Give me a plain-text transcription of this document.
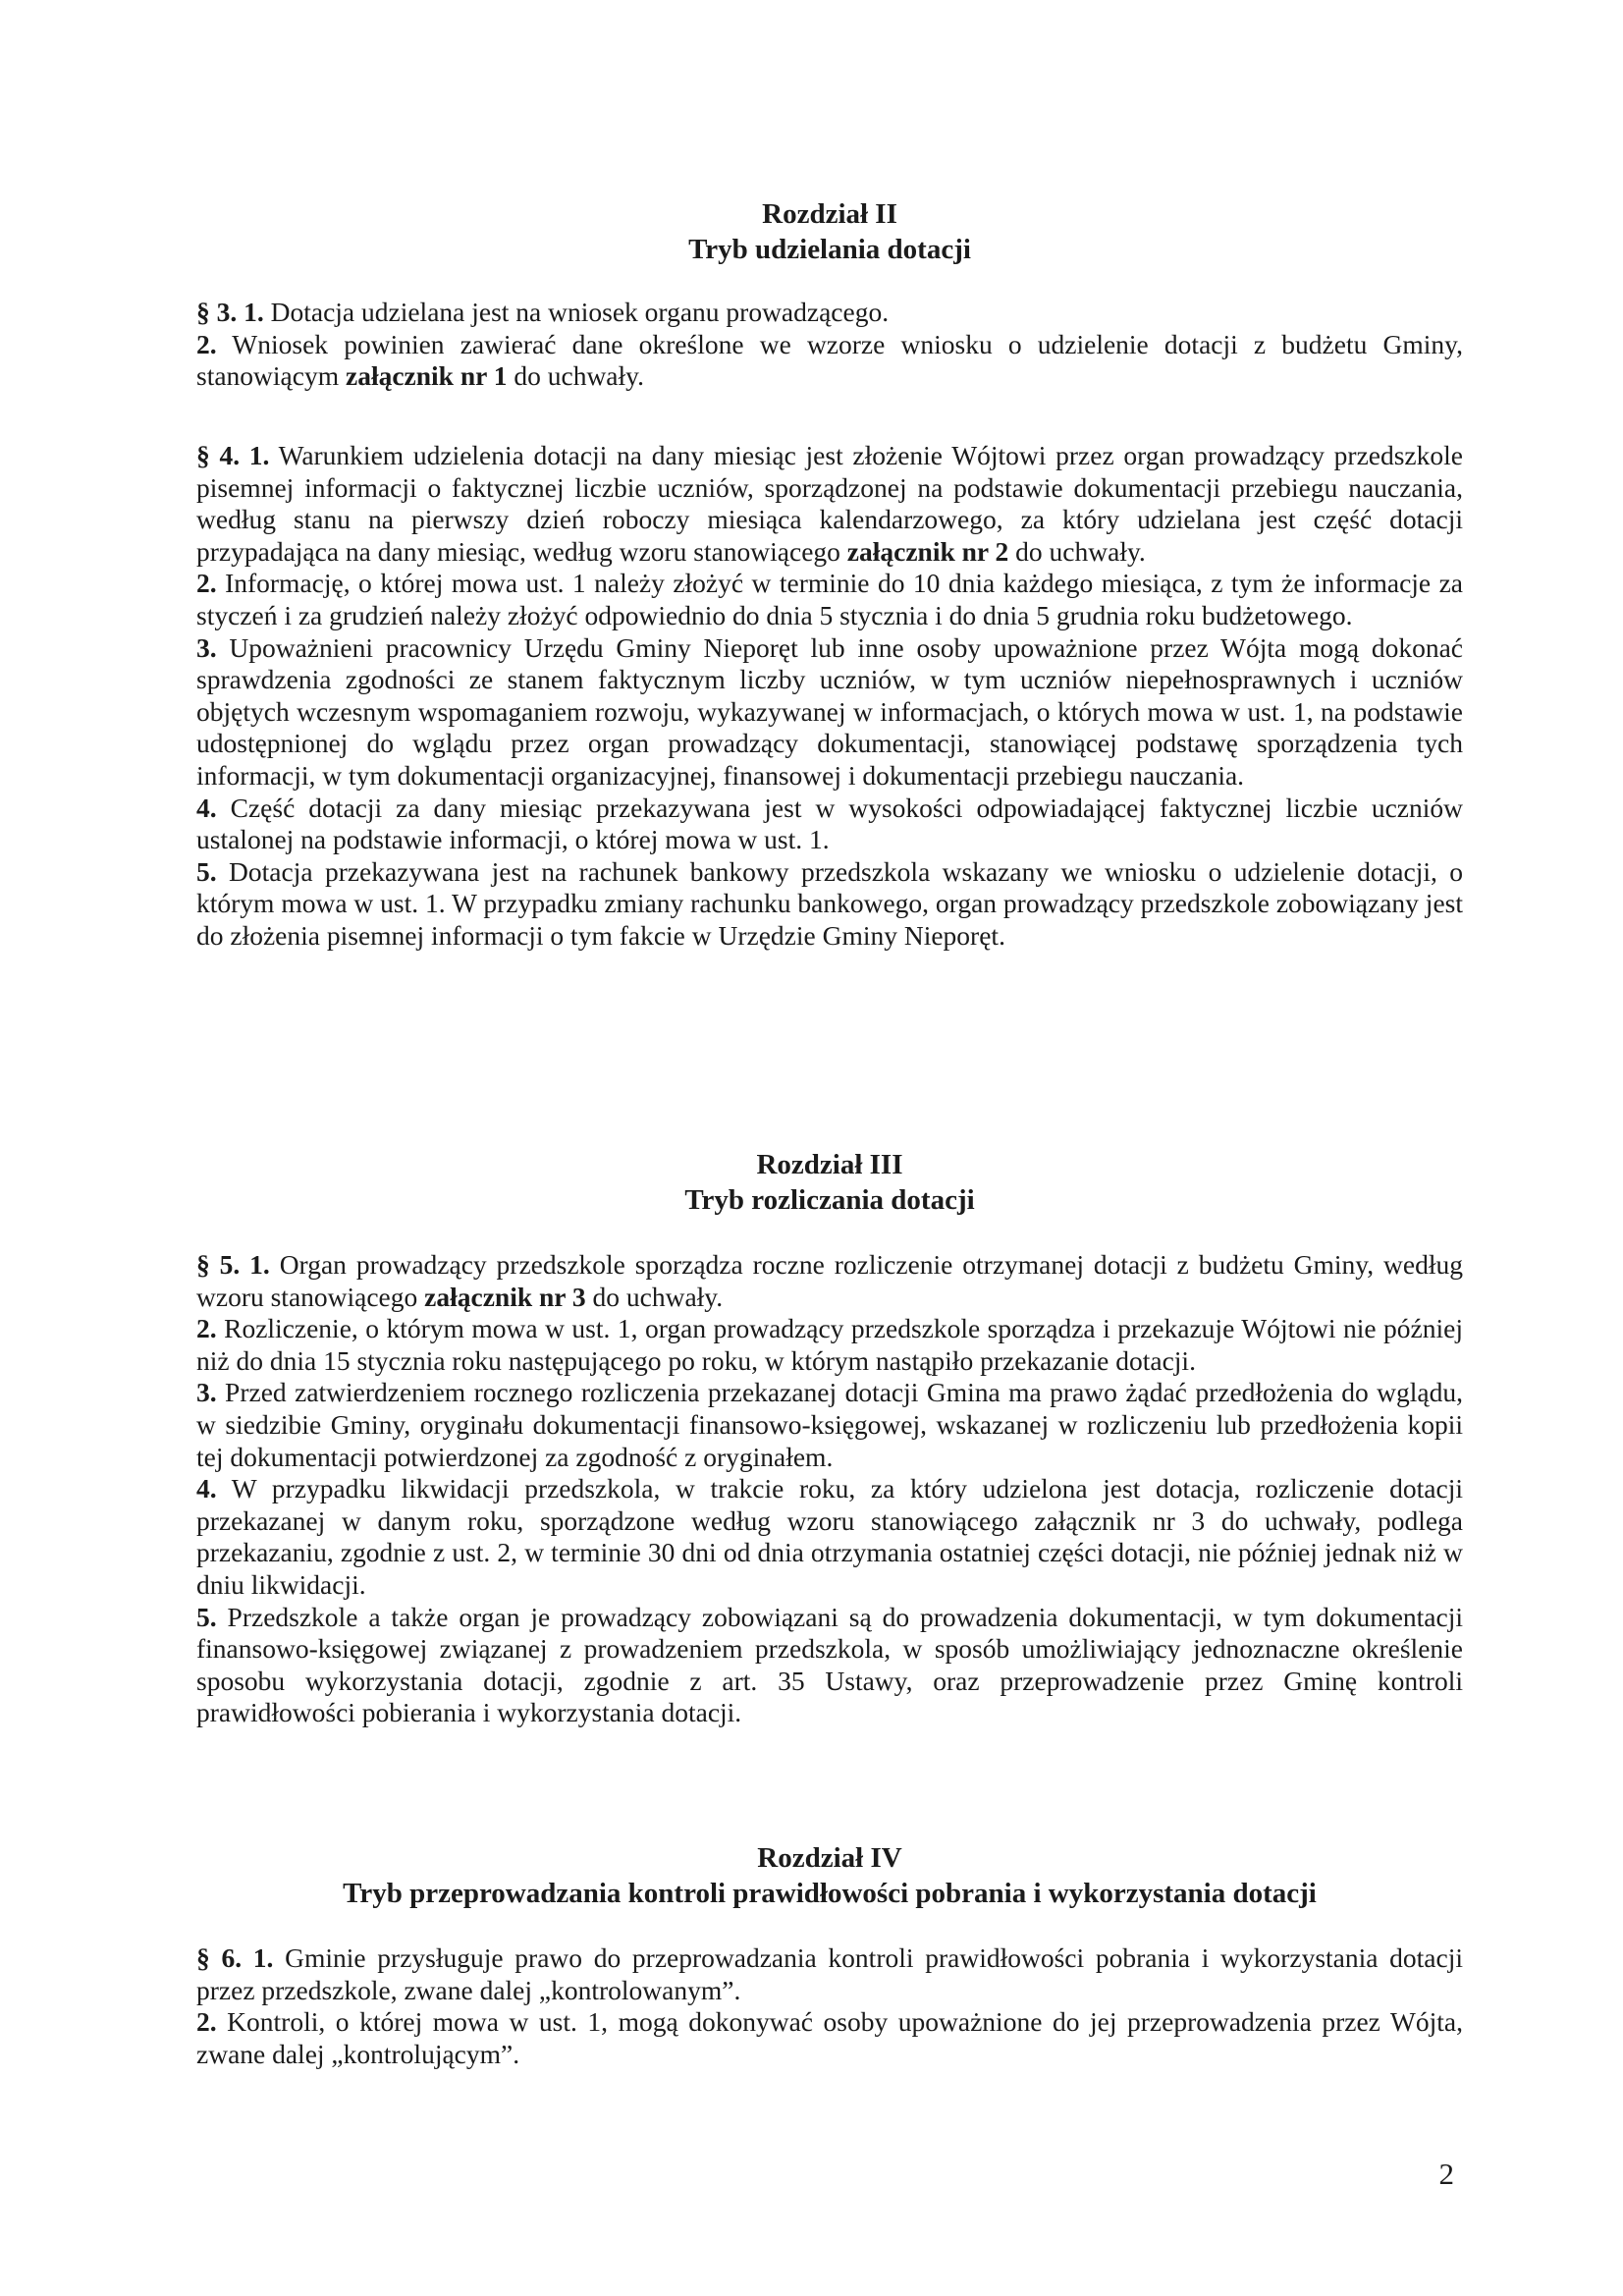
Rozdział II
Tryb udzielania dotacji

§ 3. 1. Dotacja udzielana jest na wniosek organu prowadzącego.

2. Wniosek powinien zawierać dane określone we wzorze wniosku o udzielenie dotacji z budżetu Gminy, stanowiącym załącznik nr 1 do uchwały.

§ 4. 1. Warunkiem udzielenia dotacji na dany miesiąc jest złożenie Wójtowi przez organ prowadzący przedszkole pisemnej informacji o faktycznej liczbie uczniów, sporządzonej na podstawie dokumentacji przebiegu nauczania, według stanu na pierwszy dzień roboczy miesiąca kalendarzowego, za który udzielana jest część dotacji przypadająca na dany miesiąc, według wzoru stanowiącego załącznik nr 2 do uchwały.

2. Informację, o której mowa ust. 1 należy złożyć w terminie do 10 dnia każdego miesiąca, z tym że informacje za styczeń i za grudzień należy złożyć odpowiednio do dnia 5 stycznia i do dnia 5 grudnia roku budżetowego.

3. Upoważnieni pracownicy Urzędu Gminy Nieporęt lub inne osoby upoważnione przez Wójta mogą dokonać sprawdzenia zgodności ze stanem faktycznym liczby uczniów, w tym uczniów niepełnosprawnych i uczniów objętych wczesnym wspomaganiem rozwoju, wykazywanej w informacjach, o których mowa w ust. 1, na podstawie udostępnionej do wglądu przez organ prowadzący dokumentacji, stanowiącej podstawę sporządzenia tych informacji, w tym dokumentacji organizacyjnej, finansowej i dokumentacji przebiegu nauczania.

4. Część dotacji za dany miesiąc przekazywana jest w wysokości odpowiadającej faktycznej liczbie uczniów ustalonej na podstawie informacji, o której mowa w ust. 1.

5. Dotacja przekazywana jest na rachunek bankowy przedszkola wskazany we wniosku o udzielenie dotacji, o którym mowa w ust. 1. W przypadku zmiany rachunku bankowego, organ prowadzący przedszkole zobowiązany jest do złożenia pisemnej informacji o tym fakcie w Urzędzie Gminy Nieporęt.

Rozdział III
Tryb rozliczania dotacji

§ 5. 1. Organ prowadzący przedszkole sporządza roczne rozliczenie otrzymanej dotacji z budżetu Gminy, według wzoru stanowiącego załącznik nr 3 do uchwały.

2. Rozliczenie, o którym mowa w ust. 1, organ prowadzący przedszkole sporządza i przekazuje Wójtowi nie później niż do dnia 15 stycznia roku następującego po roku, w którym nastąpiło przekazanie dotacji.

3. Przed zatwierdzeniem rocznego rozliczenia przekazanej dotacji Gmina ma prawo żądać przedłożenia do wglądu, w siedzibie Gminy, oryginału dokumentacji finansowo-księgowej, wskazanej w rozliczeniu lub przedłożenia kopii tej dokumentacji potwierdzonej za zgodność z oryginałem.

4. W przypadku likwidacji przedszkola, w trakcie roku, za który udzielona jest dotacja, rozliczenie dotacji przekazanej w danym roku, sporządzone według wzoru stanowiącego załącznik nr 3 do uchwały, podlega przekazaniu, zgodnie z ust. 2, w terminie 30 dni od dnia otrzymania ostatniej części dotacji, nie później jednak niż w dniu likwidacji.

5. Przedszkole a także organ je prowadzący zobowiązani są do prowadzenia dokumentacji, w tym dokumentacji finansowo-księgowej związanej z prowadzeniem przedszkola, w sposób umożliwiający jednoznaczne określenie sposobu wykorzystania dotacji, zgodnie z art. 35 Ustawy, oraz przeprowadzenie przez Gminę kontroli prawidłowości pobierania i wykorzystania dotacji.

Rozdział IV
Tryb przeprowadzania kontroli prawidłowości pobrania i wykorzystania dotacji

§ 6. 1. Gminie przysługuje prawo do przeprowadzania kontroli prawidłowości pobrania i wykorzystania dotacji przez przedszkole, zwane dalej „kontrolowanym”.

2. Kontroli, o której mowa w ust. 1, mogą dokonywać osoby upoważnione do jej przeprowadzenia przez Wójta, zwane dalej „kontrolującym”.

2
